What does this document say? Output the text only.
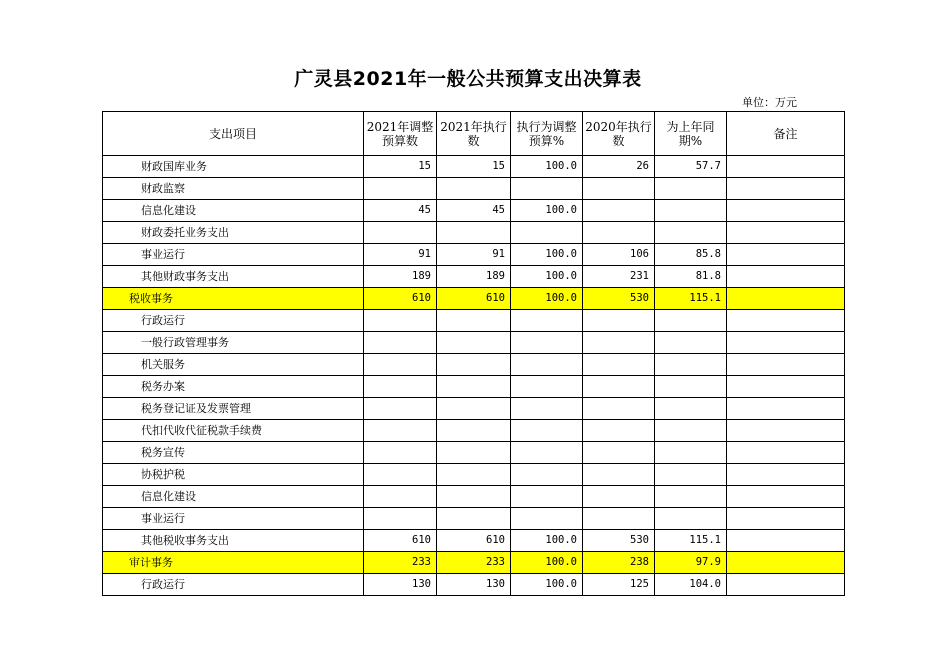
广灵县2021年一般公共预算支出决算表
单位：万元
支出项目	2021年调整预算数	2021年执行数	执行为调整预算%	2020年执行数	为上年同期%	备注
财政国库业务	15	15	100.0	26	57.7	
财政监察						
信息化建设	45	45	100.0			
财政委托业务支出						
事业运行	91	91	100.0	106	85.8	
其他财政事务支出	189	189	100.0	231	81.8	
税收事务	610	610	100.0	530	115.1	
行政运行						
一般行政管理事务						
机关服务						
税务办案						
税务登记证及发票管理						
代扣代收代征税款手续费						
税务宣传						
协税护税						
信息化建设						
事业运行						
其他税收事务支出	610	610	100.0	530	115.1	
审计事务	233	233	100.0	238	97.9	
行政运行	130	130	100.0	125	104.0	
